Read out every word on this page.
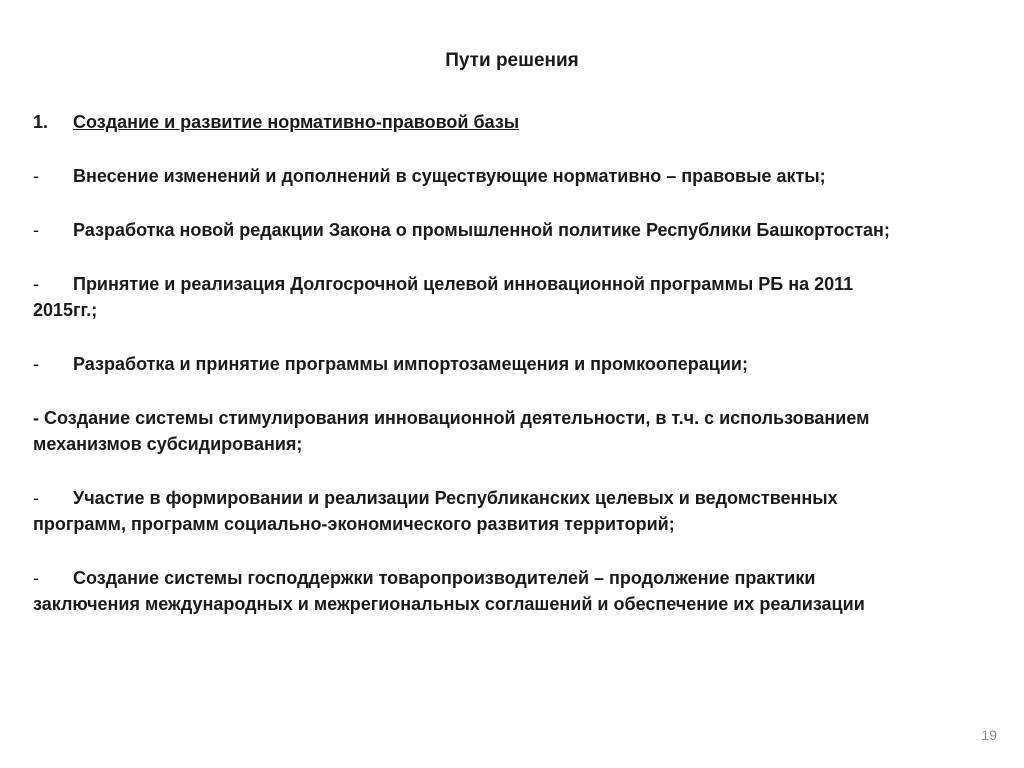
Пути решения

1. Создание и развитие нормативно-правовой базы

- Внесение изменений и дополнений в существующие нормативно – правовые акты;

- Разработка новой редакции Закона о промышленной политике Республики Башкортостан;

- Принятие и реализация Долгосрочной целевой инновационной программы РБ на 2011
2015гг.;

- Разработка и принятие программы импортозамещения и промкооперации;

- Создание системы стимулирования инновационной деятельности, в т.ч. с использованием
механизмов субсидирования;

- Участие в формировании и реализации Республиканских целевых и ведомственных
программ, программ социально-экономического развития территорий;

- Создание системы господдержки товаропроизводителей – продолжение практики
заключения международных и межрегиональных соглашений и обеспечение их реализации

19
